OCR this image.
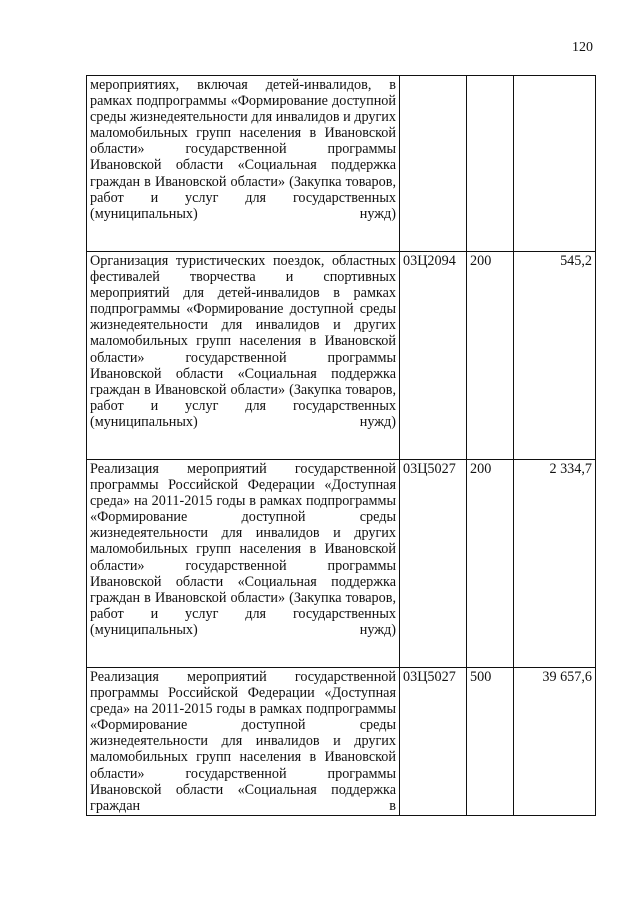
120
мероприятиях, включая детей-инвалидов, в рамках подпрограммы «Формирование доступной среды жизнедеятельности для инвалидов и других маломобильных групп населения в Ивановской области» государственной программы Ивановской области «Социальная поддержка граждан в Ивановской области» (Закупка товаров, работ и услуг для государственных (муниципальных) нужд)			
Организация туристических поездок, областных фестивалей творчества и спортивных мероприятий для детей-инвалидов в рамках подпрограммы «Формирование доступной среды жизнедеятельности для инвалидов и других маломобильных групп населения в Ивановской области» государственной программы Ивановской области «Социальная поддержка граждан в Ивановской области» (Закупка товаров, работ и услуг для государственных (муниципальных) нужд)	03Ц2094	200	545,2
Реализация мероприятий государственной программы Российской Федерации «Доступная среда» на 2011-2015 годы в рамках подпрограммы «Формирование доступной среды жизнедеятельности для инвалидов и других маломобильных групп населения в Ивановской области» государственной программы Ивановской области «Социальная поддержка граждан в Ивановской области» (Закупка товаров, работ и услуг для государственных (муниципальных) нужд)	03Ц5027	200	2 334,7
Реализация мероприятий государственной программы Российской Федерации «Доступная среда» на 2011-2015 годы в рамках подпрограммы «Формирование доступной среды жизнедеятельности для инвалидов и других маломобильных групп населения в Ивановской области» государственной программы Ивановской области «Социальная поддержка граждан в	03Ц5027	500	39 657,6
